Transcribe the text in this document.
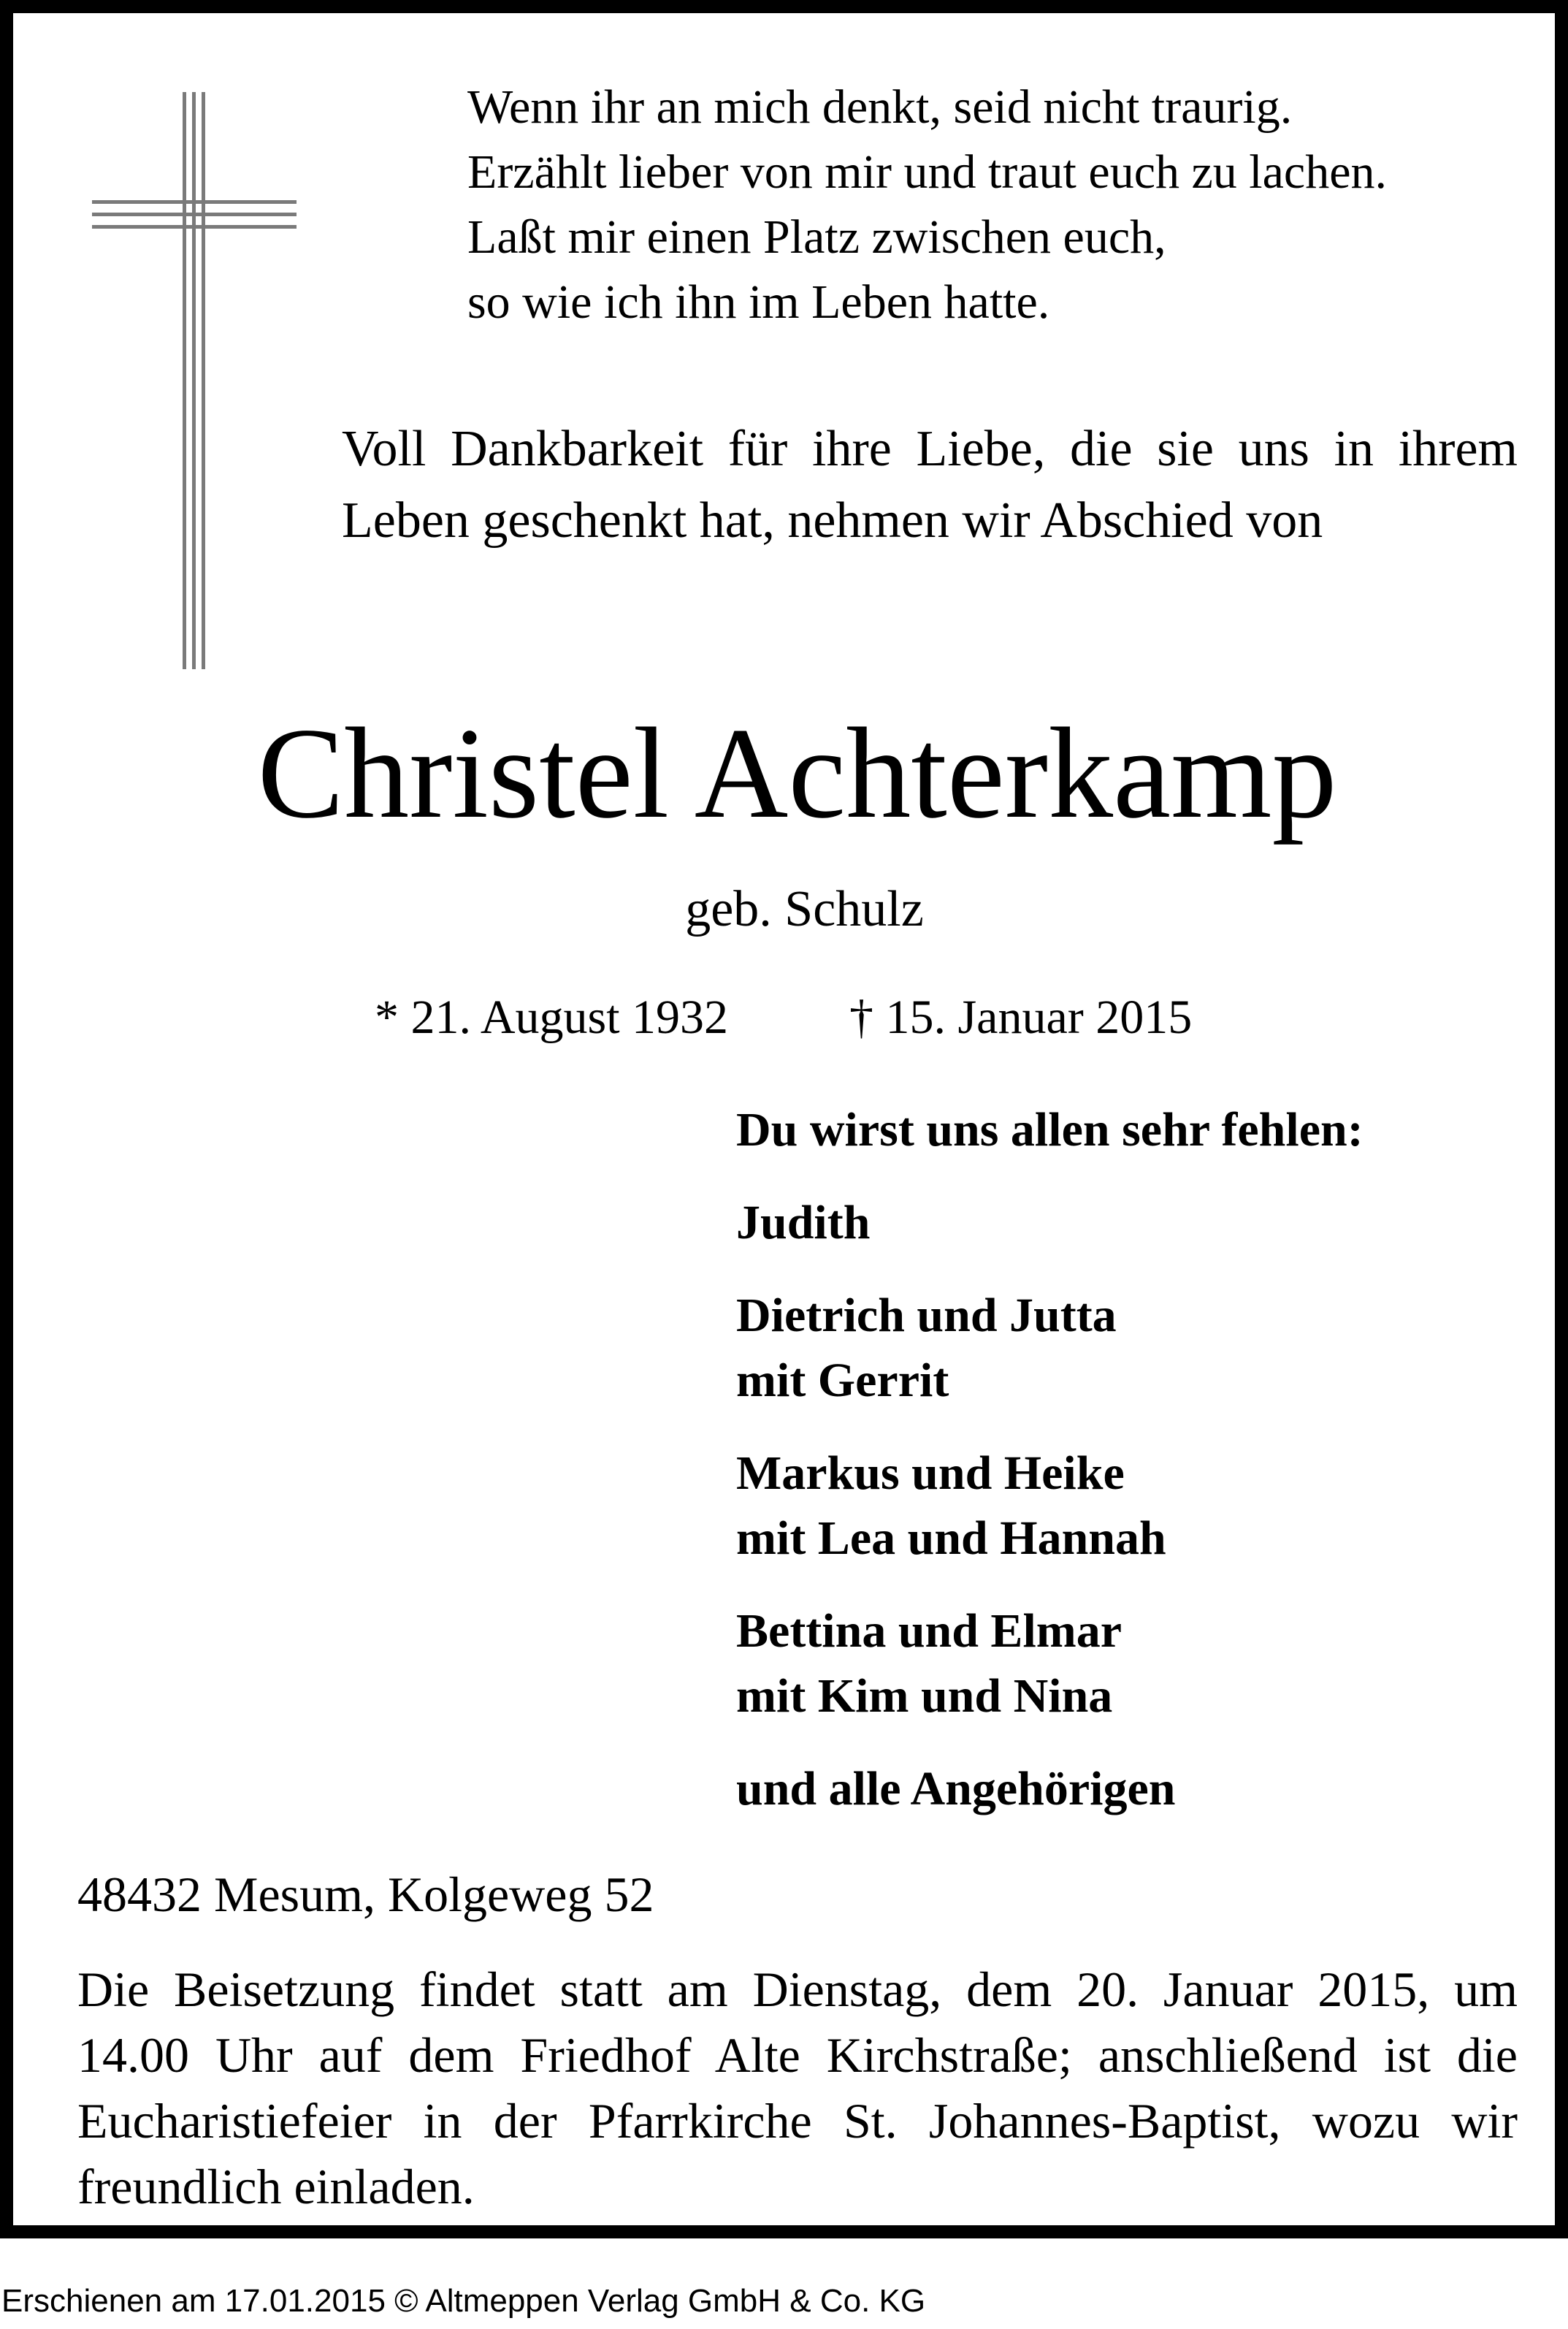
Wenn ihr an mich denkt, seid nicht traurig.
Erzählt lieber von mir und traut euch zu lachen.
Laßt mir einen Platz zwischen euch,
so wie ich ihn im Leben hatte.
Voll Dankbarkeit für ihre Liebe, die sie uns in ihrem Leben geschenkt hat, nehmen wir Abschied von
Christel Achterkamp
geb. Schulz
* 21. August 1932	† 15. Januar 2015
Du wirst uns allen sehr fehlen:
Judith
Dietrich und Jutta
mit Gerrit
Markus und Heike
mit Lea und Hannah
Bettina und Elmar
mit Kim und Nina
und alle Angehörigen
48432 Mesum, Kolgeweg 52
Die Beisetzung findet statt am Dienstag, dem 20. Januar 2015, um 14.00 Uhr auf dem Friedhof Alte Kirchstraße; anschließend ist die Eucharistiefeier in der Pfarrkirche St. Johannes-Baptist, wozu wir freundlich einladen.
Erschienen am 17.01.2015 © Altmeppen Verlag GmbH & Co. KG
